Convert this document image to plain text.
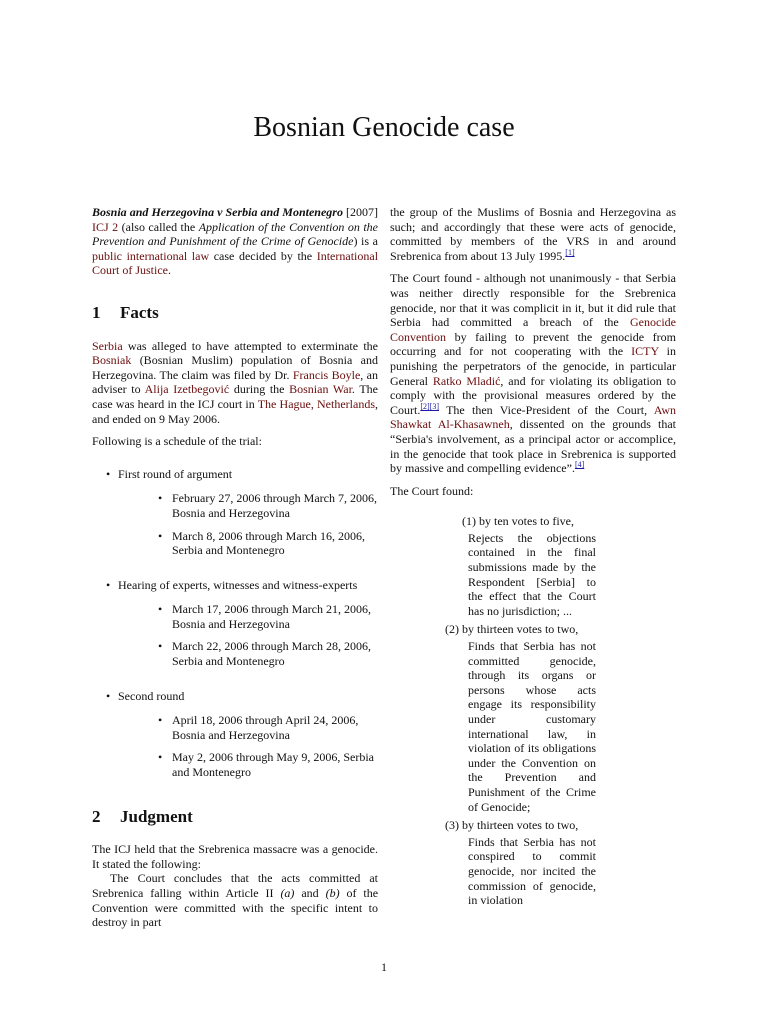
Bosnian Genocide case

Bosnia and Herzegovina v Serbia and Montenegro [2007] ICJ 2 (also called the Application of the Convention on the Prevention and Punishment of the Crime of Genocide) is a public international law case decided by the International Court of Justice.

1 Facts

Serbia was alleged to have attempted to exterminate the Bosniak (Bosnian Muslim) population of Bosnia and Herzegovina. The claim was filed by Dr. Francis Boyle, an adviser to Alija Izetbegović during the Bosnian War. The case was heard in the ICJ court in The Hague, Netherlands, and ended on 9 May 2006.

Following is a schedule of the trial:

• First round of argument
• February 27, 2006 through March 7, 2006, Bosnia and Herzegovina
• March 8, 2006 through March 16, 2006, Serbia and Montenegro
• Hearing of experts, witnesses and witness-experts
• March 17, 2006 through March 21, 2006, Bosnia and Herzegovina
• March 22, 2006 through March 28, 2006, Serbia and Montenegro
• Second round
• April 18, 2006 through April 24, 2006, Bosnia and Herzegovina
• May 2, 2006 through May 9, 2006, Serbia and Montenegro
2 Judgment

The ICJ held that the Srebrenica massacre was a genocide. It stated the following:

The Court concludes that the acts committed at Srebrenica falling within Article II (a) and (b) of the Convention were committed with the specific intent to destroy in part

the group of the Muslims of Bosnia and Herzegovina as such; and accordingly that these were acts of genocide, committed by members of the VRS in and around Srebrenica from about 13 July 1995.[1]

The Court found - although not unanimously - that Serbia was neither directly responsible for the Srebrenica genocide, nor that it was complicit in it, but it did rule that Serbia had committed a breach of the Genocide Convention by failing to prevent the genocide from occurring and for not cooperating with the ICTY in punishing the perpetrators of the genocide, in particular General Ratko Mladić, and for violating its obligation to comply with the provisional measures ordered by the Court.[2][3] The then Vice-President of the Court, Awn Shawkat Al-Khasawneh, dissented on the grounds that “Serbia's involvement, as a principal actor or accomplice, in the genocide that took place in Srebrenica is supported by massive and compelling evidence”.[4]

The Court found:

(1) by ten votes to five,
Rejects the objections contained in the final submissions made by the Respondent [Serbia] to the effect that the Court has no jurisdiction; ...
(2) by thirteen votes to two,
Finds that Serbia has not committed genocide, through its organs or persons whose acts engage its responsibility under customary international law, in violation of its obligations under the Convention on the Prevention and Punishment of the Crime of Genocide;
(3) by thirteen votes to two,
Finds that Serbia has not conspired to commit genocide, nor incited the commission of genocide, in violation
1
